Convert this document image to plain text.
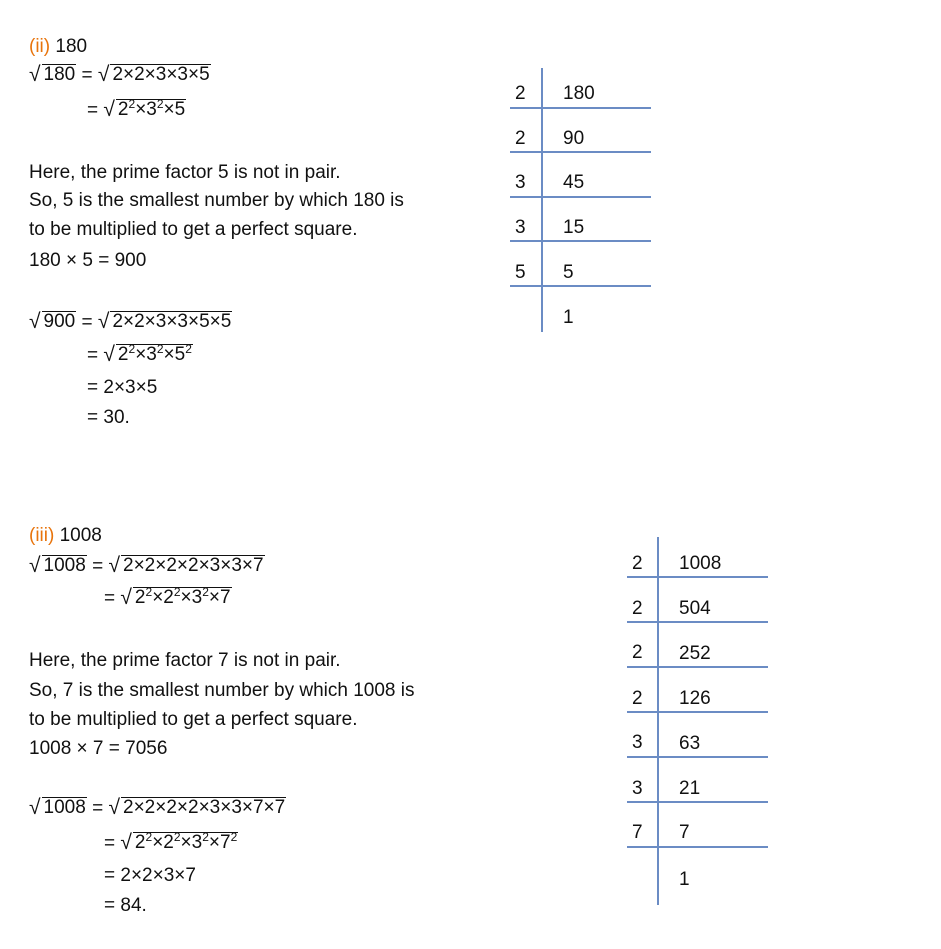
(ii) 180
√ 180 = √ 2×2×3×3×5
= √ $2^2\times 3^2\times 5$
Here, the prime factor 5 is not in pair.
So, 5 is the smallest number by which 180 is
to be multiplied to get a perfect square.
180 × 5 = 900
√ 900 = √ 2×2×3×3×5×5
= √ $2^2\times 3^2\times 5^2$
= 2×3×5
= 30.
2
2
3
3
5
180
90
45
15
5
1
(iii) 1008
√ 1008 = √ 2×2×2×2×3×3×7
= √ $2^2\times 2^2\times 3^2\times 7$
Here, the prime factor 7 is not in pair.
So, 7 is the smallest number by which 1008 is
to be multiplied to get a perfect square.
1008 × 7 = 7056
√ 1008 = √ 2×2×2×2×3×3×7×7
= √ $2^2\times 2^2\times 3^2\times 7^2$
= 2×2×3×7
= 84.
2
2
2
2
3
3
7
1008
504
252
126
63
21
7
1
